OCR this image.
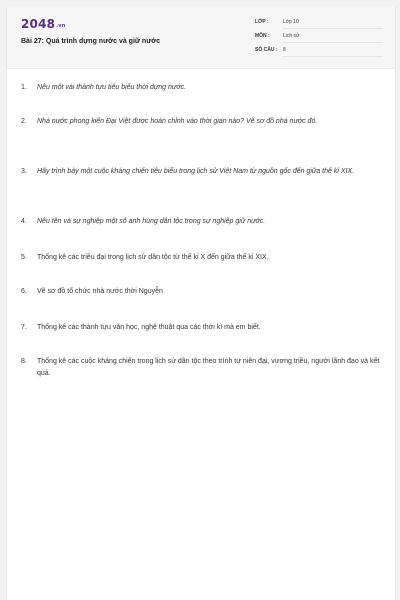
2048.vn
Bài 27: Quá trình dựng nước và giữ nước
LỚP :	Lớp 10
MÔN :	Lịch sử
SỐ CÂU : 8
1. Nêu một vài thành tựu tiêu biểu thời dựng nước.
2. Nhà nước phong kiến Đại Việt được hoàn chỉnh vào thời gian nào? Vẽ sơ đồ nhà nước đó.
3. Hãy trình bày một cuộc kháng chiến tiêu biểu trong lịch sử Việt Nam từ nguồn gốc đến giữa thế kỉ XIX.
4. Nêu tên và sự nghiệp một số anh hùng dân tộc trong sự nghiệp giữ nước.
5. Thống kê các triều đại trong lịch sử dân tộc từ thế kỉ X đến giữa thế kỉ XIX.
6. Vẽ sơ đồ tổ chức nhà nước thời Nguyễn
7. Thống kê các thành tựu văn học, nghệ thuật qua các thời kì mà em biết.
8. Thống kê các cuộc kháng chiến trong lịch sử dân tộc theo trình tự niên đại, vương triều, người lãnh đạo và kết quả.
